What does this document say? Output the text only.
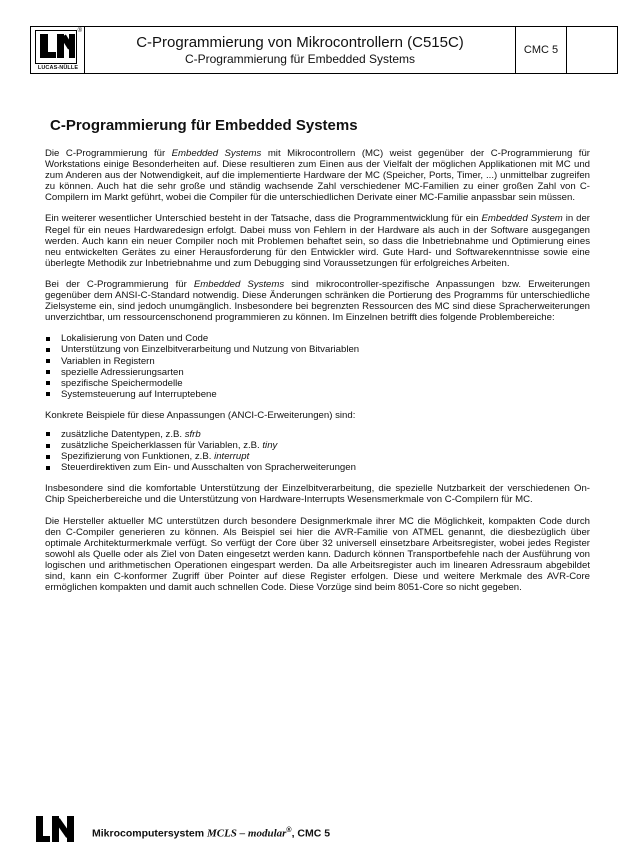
®
LUCAS-NÜLLE
C-Programmierung von Mikrocontrollern (C515C)
C-Programmierung für Embedded Systems
CMC 5
C-Programmierung für Embedded Systems

Die C-Programmierung für Embedded Systems mit Mikrocontrollern (MC) weist gegenüber der C-Programmierung für Workstations einige Besonderheiten auf. Diese resultieren zum Einen aus der Vielfalt der möglichen Applikationen mit MC und zum Anderen aus der Notwendigkeit, auf die implementierte Hardware der MC (Speicher, Ports, Timer, ...) unmittelbar zugreifen zu können. Auch hat die sehr große und ständig wachsende Zahl verschiedener MC-Familien zu einer großen Zahl von C-Compilern im Markt geführt, wobei die Compiler für die unterschiedlichen Derivate einer MC-Familie anpassbar sein müssen.

Ein weiterer wesentlicher Unterschied besteht in der Tatsache, dass die Programmentwicklung für ein Embedded System in der Regel für ein neues Hardwaredesign erfolgt. Dabei muss von Fehlern in der Hardware als auch in der Software ausgegangen werden. Auch kann ein neuer Compiler noch mit Problemen behaftet sein, so dass die Inbetriebnahme und Optimierung eines neu entwickelten Gerätes zu einer Herausforderung für den Entwickler wird. Gute Hard- und Softwarekenntnisse sowie eine überlegte Methodik zur Inbetriebnahme und zum Debugging sind Voraussetzungen für erfolgreiches Arbeiten.

Bei der C-Programmierung für Embedded Systems sind mikrocontroller-spezifische Anpassungen bzw. Erweiterungen gegenüber dem ANSI-C-Standard notwendig. Diese Änderungen schränken die Portierung des Programms für unterschiedliche Zielsysteme ein, sind jedoch unumgänglich. Insbesondere bei begrenzten Ressourcen des MC sind diese Spracherweiterungen unverzichtbar, um ressourcenschonend programmieren zu können. Im Einzelnen betrifft dies folgende Problembereiche:

Lokalisierung von Daten und Code
Unterstützung von Einzelbitverarbeitung und Nutzung von Bitvariablen
Variablen in Registern
spezielle Adressierungsarten
spezifische Speichermodelle
Systemsteuerung auf Interruptebene

Konkrete Beispiele für diese Anpassungen (ANCI-C-Erweiterungen) sind:

zusätzliche Datentypen, z.B. sfrb
zusätzliche Speicherklassen für Variablen, z.B. tiny
Spezifizierung von Funktionen, z.B. interrupt
Steuerdirektiven zum Ein- und Ausschalten von Spracherweiterungen

Insbesondere sind die komfortable Unterstützung der Einzelbitverarbeitung, die spezielle Nutzbarkeit der verschiedenen On-Chip Speicherbereiche und die Unterstützung von Hardware-Interrupts Wesensmerkmale von C-Compilern für MC.

Die Hersteller aktueller MC unterstützen durch besondere Designmerkmale ihrer MC die Möglichkeit, kompakten Code durch den C-Compiler generieren zu können. Als Beispiel sei hier die AVR-Familie von ATMEL genannt, die diesbezüglich über optimale Architekturmerkmale verfügt. So verfügt der Core über 32 universell einsetzbare Arbeitsregister, wobei jedes Register sowohl als Quelle oder als Ziel von Daten eingesetzt werden kann. Dadurch können Transportbefehle nach der Ausführung von logischen und arithmetischen Operationen eingespart werden. Da alle Arbeitsregister auch im linearen Adressraum abgebildet sind, kann ein C-konformer Zugriff über Pointer auf diese Register erfolgen. Diese und weitere Merkmale des AVR-Core ermöglichen kompakten und damit auch schnellen Code. Diese Vorzüge sind beim 8051-Core so nicht gegeben.

Mikrocomputersystem MCLS – modular®, CMC 5
